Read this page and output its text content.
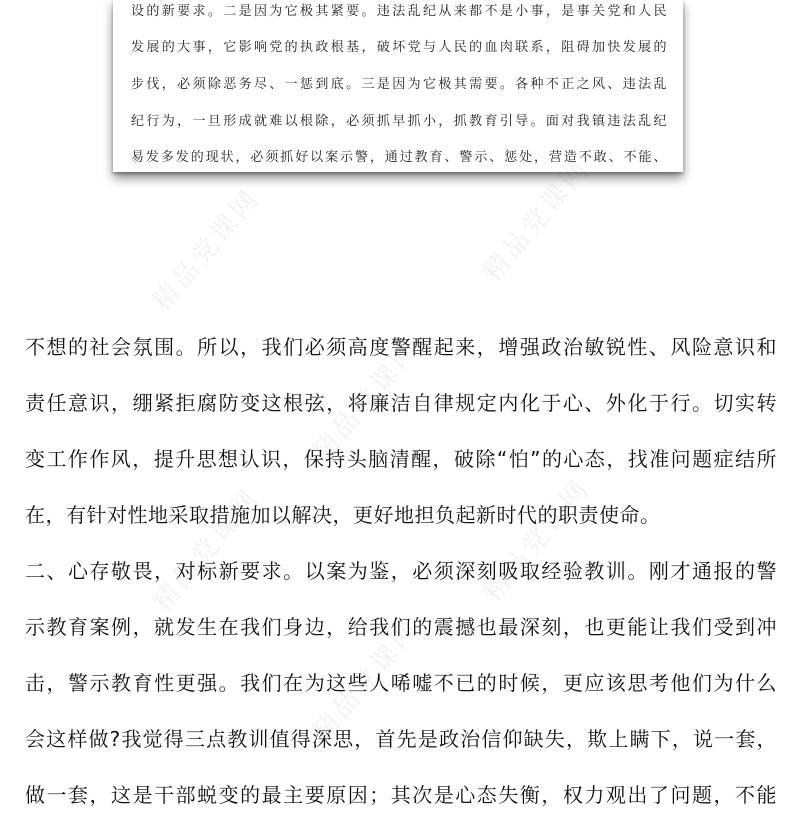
设的新要求。二是因为它极其紧要。违法乱纪从来都不是小事，是事关党和人民
发展的大事，它影响党的执政根基，破坏党与人民的血肉联系，阻碍加快发展的
步伐，必须除恶务尽、一惩到底。三是因为它极其需要。各种不正之风、违法乱
纪行为，一旦形成就难以根除，必须抓早抓小，抓教育引导。面对我镇违法乱纪
易发多发的现状，必须抓好以案示警，通过教育、警示、惩处，营造不敢、不能、
不想的社会氛围。所以，我们必须高度警醒起来，增强政治敏锐性、风险意识和
责任意识，绷紧拒腐防变这根弦，将廉洁自律规定内化于心、外化于行。切实转
变工作作风，提升思想认识，保持头脑清醒，破除“怕”的心态，找准问题症结所
在，有针对性地采取措施加以解决，更好地担负起新时代的职责使命。
二、心存敬畏，对标新要求。以案为鉴，必须深刻吸取经验教训。刚才通报的警
示教育案例，就发生在我们身边，给我们的震撼也最深刻，也更能让我们受到冲
击，警示教育性更强。我们在为这些人唏嘘不已的时候，更应该思考他们为什么
会这样做?我觉得三点教训值得深思，首先是政治信仰缺失，欺上瞒下，说一套，
做一套，这是干部蜕变的最主要原因；其次是心态失衡，权力观出了问题，不能
精品党课网	精品党课网
精品党课网
精品党课网	精品党课网
精品党课网
